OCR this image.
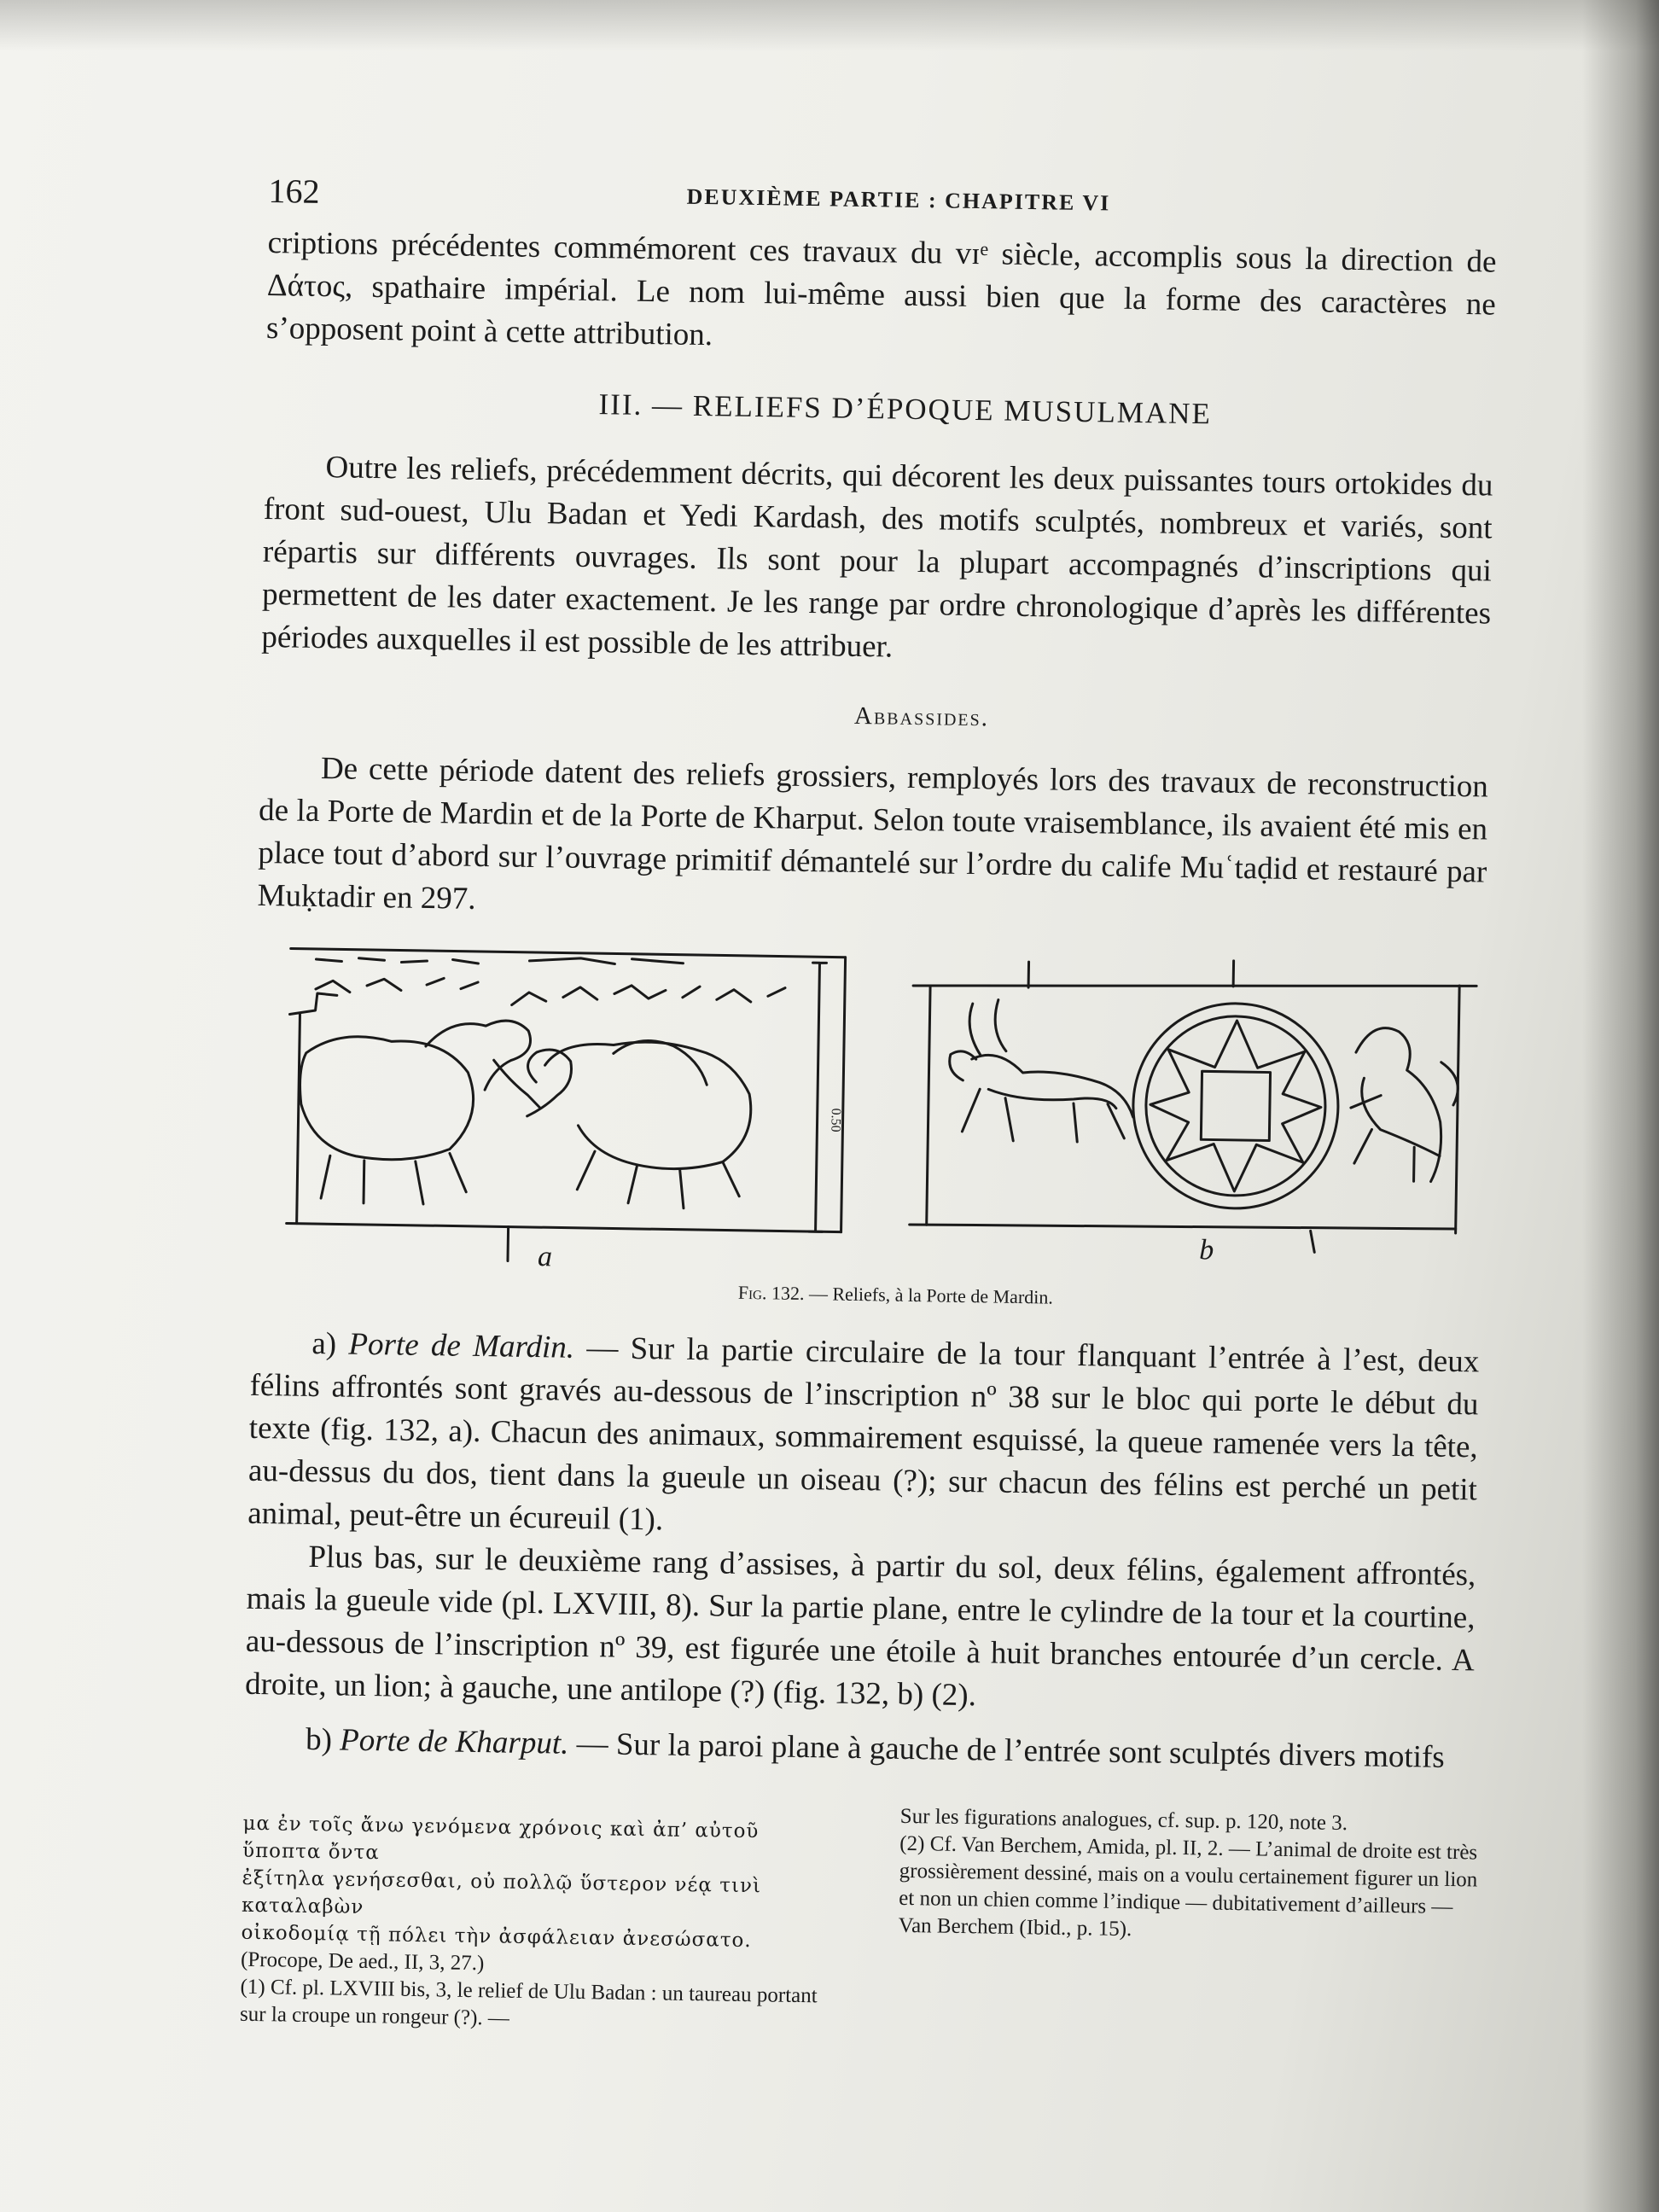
162	DEUXIÈME PARTIE : CHAPITRE VI

criptions précédentes commémorent ces travaux du vɪᵉ siècle, accomplis sous la direction de Δάτος, spathaire impérial. Le nom lui-même aussi bien que la forme des caractères ne s’opposent point à cette attribution.

III. — RELIEFS D’ÉPOQUE MUSULMANE

Outre les reliefs, précédemment décrits, qui décorent les deux puissantes tours ortokides du front sud-ouest, Ulu Badan et Yedi Kardash, des motifs sculptés, nombreux et variés, sont répartis sur différents ouvrages. Ils sont pour la plupart accompagnés d’inscriptions qui permettent de les dater exactement. Je les range par ordre chronologique d’après les différentes périodes auxquelles il est possible de les attribuer.

Abbassides.

De cette période datent des reliefs grossiers, remployés lors des travaux de reconstruction de la Porte de Mardin et de la Porte de Kharput. Selon toute vraisemblance, ils avaient été mis en place tout d’abord sur l’ouvrage primitif démantelé sur l’ordre du calife Muʿtaḍid et restauré par Muḳtadir en 297.

a	b
0.50
Fig. 132. — Reliefs, à la Porte de Mardin.

a) Porte de Mardin. — Sur la partie circulaire de la tour flanquant l’entrée à l’est, deux félins affrontés sont gravés au-dessous de l’inscription nº 38 sur le bloc qui porte le début du texte (fig. 132, a). Chacun des animaux, sommairement esquissé, la queue ramenée vers la tête, au-dessus du dos, tient dans la gueule un oiseau (?); sur chacun des félins est perché un petit animal, peut-être un écureuil (1).

Plus bas, sur le deuxième rang d’assises, à partir du sol, deux félins, également affrontés, mais la gueule vide (pl. LXVIII, 8). Sur la partie plane, entre le cylindre de la tour et la courtine, au-dessous de l’inscription nº 39, est figurée une étoile à huit branches entourée d’un cercle. A droite, un lion; à gauche, une antilope (?) (fig. 132, b) (2).

b) Porte de Kharput. — Sur la paroi plane à gauche de l’entrée sont sculptés divers motifs

μα ἐν τοῖς ἄνω γενόμενα χρόνοις καὶ ἀπ’ αὐτοῦ ὕποπτα ὄντα
ἐξίτηλα γενήσεσθαι, οὐ πολλῷ ὕστερον νέᾳ τινὶ καταλαβὼν
οἰκοδομίᾳ τῇ πόλει τὴν ἀσφάλειαν ἀνεσώσατο. (Procope, De aed., II, 3, 27.)
(1) Cf. pl. LXVIII bis, 3, le relief de Ulu Badan : un taureau portant sur la croupe un rongeur (?). —
Sur les figurations analogues, cf. sup. p. 120, note 3.
(2) Cf. Van Berchem, Amida, pl. II, 2. — L’animal de droite est très grossièrement dessiné, mais on a voulu certainement figurer un lion et non un chien comme l’indique — dubitativement d’ailleurs — Van Berchem (Ibid., p. 15).
